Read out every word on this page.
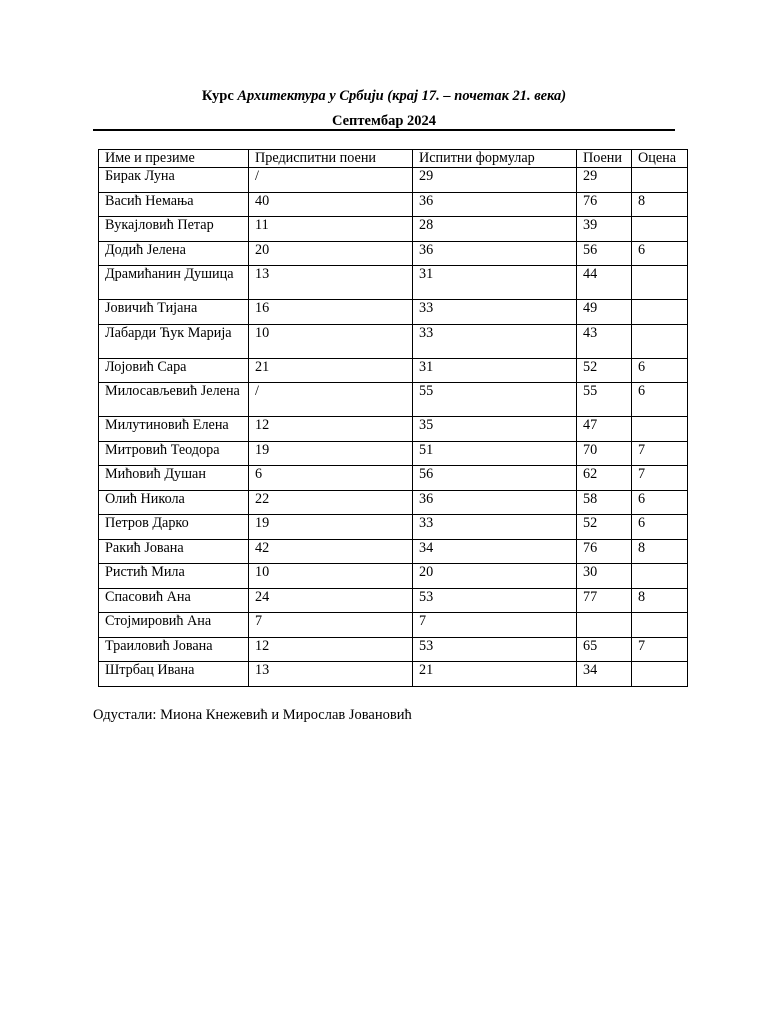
Курс Архитектура у Србији (крај 17. – почетак 21. века)
Септембар 2024
Име и презиме	Предиспитни поени	Испитни формулар	Поени	Оцена
Бирак Луна	/	29	29	
Васић Немања	40	36	76	8
Вукајловић Петар	11	28	39	
Додић Јелена	20	36	56	6
Драмићанин Душица	13	31	44	
Јовичић Тијана	16	33	49	
Лабарди Ћук Марија	10	33	43	
Лојовић Сара	21	31	52	6
Милосављевић Јелена	/	55	55	6
Милутиновић Елена	12	35	47	
Митровић Теодора	19	51	70	7
Мићовић Душан	6	56	62	7
Олић Никола	22	36	58	6
Петров Дарко	19	33	52	6
Ракић Јована	42	34	76	8
Ристић Мила	10	20	30	
Спасовић Ана	24	53	77	8
Стојмировић Ана	7	7		
Траиловић Јована	12	53	65	7
Штрбац Ивана	13	21	34	
Одустали: Миона Кнежевић и Мирослав Јовановић
